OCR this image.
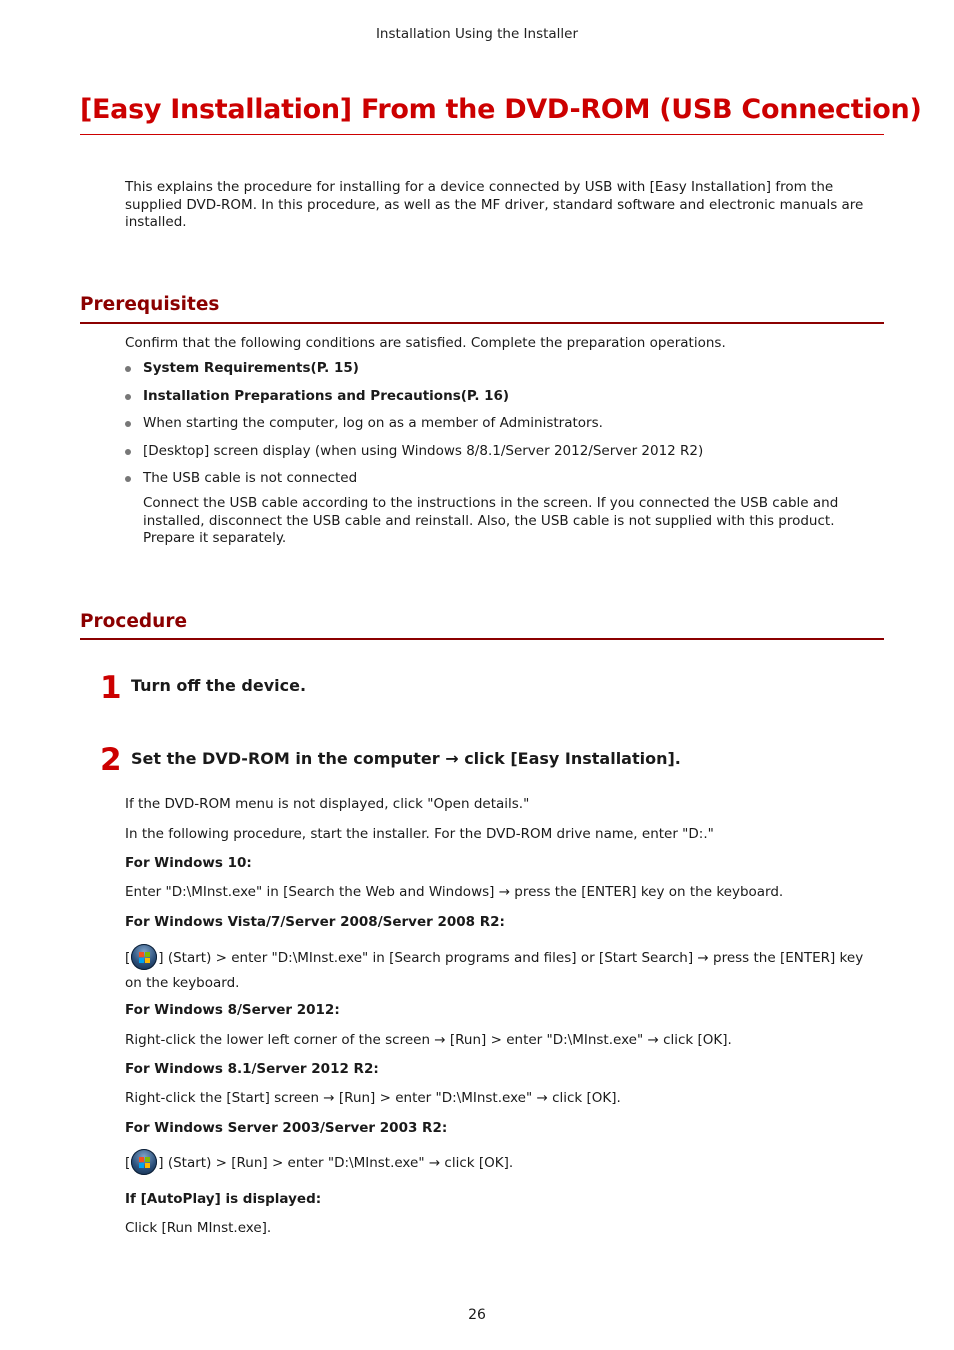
Installation Using the Installer
[Easy Installation] From the DVD-ROM (USB Connection)

This explains the procedure for installing for a device connected by USB with [Easy Installation] from the supplied DVD-ROM. In this procedure, as well as the MF driver, standard software and electronic manuals are installed.

Prerequisites

Confirm that the following conditions are satisfied. Complete the preparation operations.

System Requirements(P. 15)
Installation Preparations and Precautions(P. 16)
When starting the computer, log on as a member of Administrators.
[Desktop] screen display (when using Windows 8/8.1/Server 2012/Server 2012 R2)
The USB cable is not connected

Connect the USB cable according to the instructions in the screen. If you connected the USB cable and installed, disconnect the USB cable and reinstall. Also, the USB cable is not supplied with this product. Prepare it separately.

Procedure
1 Turn off the device.
2 Set the DVD-ROM in the computer → click [Easy Installation].

If the DVD-ROM menu is not displayed, click "Open details."

In the following procedure, start the installer. For the DVD-ROM drive name, enter "D:."

For Windows 10:

Enter "D:\MInst.exe" in [Search the Web and Windows] → press the [ENTER] key on the keyboard.

For Windows Vista/7/Server 2008/Server 2008 R2:

[ ] (Start) > enter "D:\MInst.exe" in [Search programs and files] or [Start Search] → press the [ENTER] key on the keyboard.

For Windows 8/Server 2012:

Right-click the lower left corner of the screen → [Run] > enter "D:\MInst.exe" → click [OK].

For Windows 8.1/Server 2012 R2:

Right-click the [Start] screen → [Run] > enter "D:\MInst.exe" → click [OK].

For Windows Server 2003/Server 2003 R2:

[ ] (Start) > [Run] > enter "D:\MInst.exe" → click [OK].

If [AutoPlay] is displayed:

Click [Run MInst.exe].

26
